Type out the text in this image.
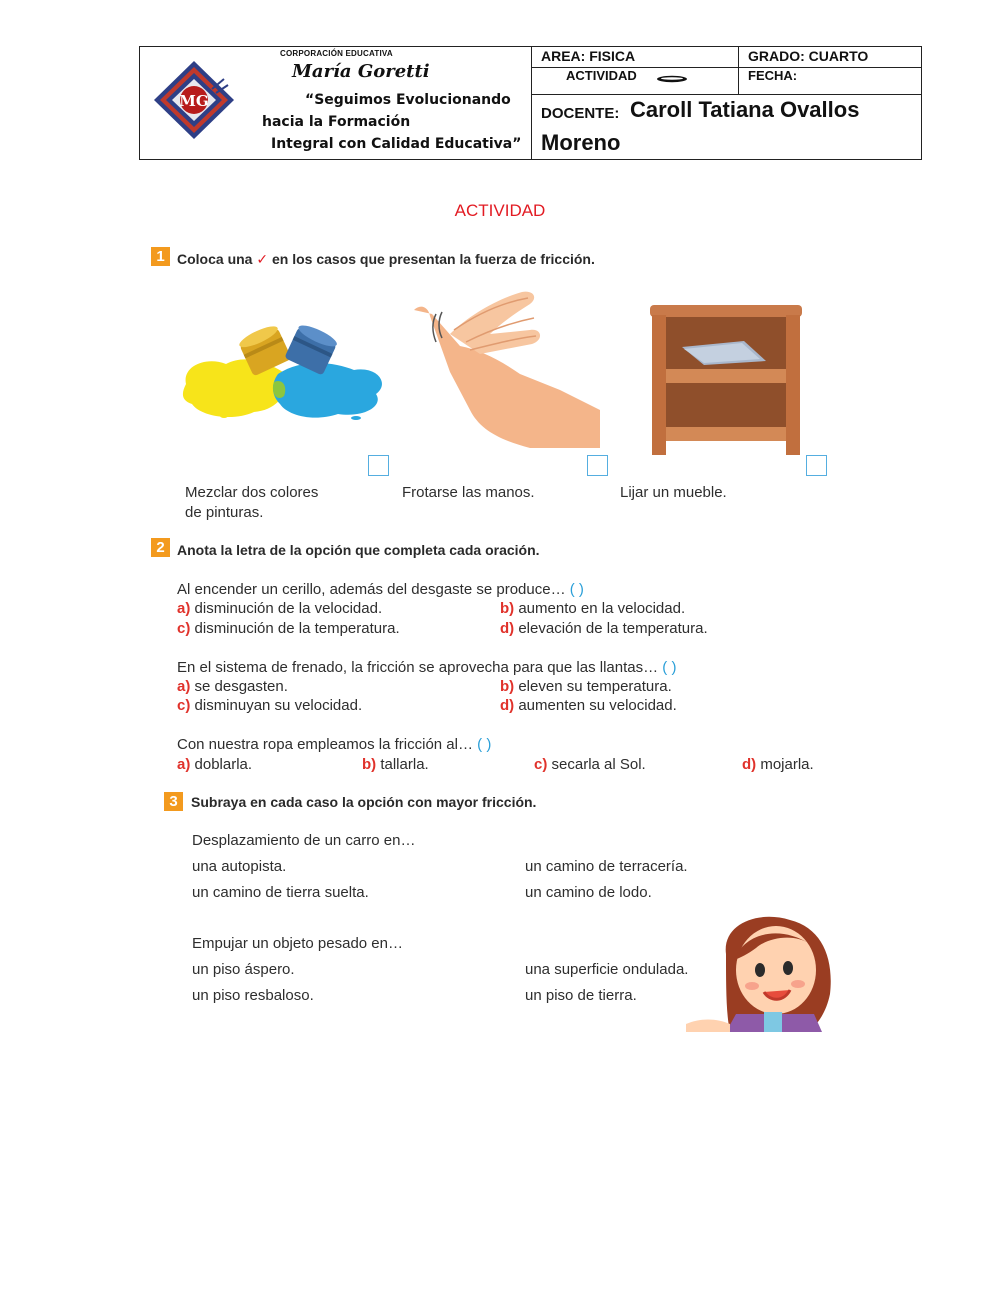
MG
CORPORACIÓN EDUCATIVA
María Goretti
“Seguimos Evolucionando
hacia la Formación
Integral con Calidad Educativa”
AREA: FISICA	GRADO: CUARTO
ACTIVIDAD	FECHA:
DOCENTE: Caroll Tatiana Ovallos
Moreno
ACTIVIDAD
1 Coloca una ✓ en los casos que presentan la fuerza de fricción.
Mezclar dos colores
de pinturas.
Frotarse las manos.	Lijar un mueble.
2 Anota la letra de la opción que completa cada oración.
Al encender un cerillo, además del desgaste se produce… ( )
a) disminución de la velocidad.	b) aumento en la velocidad.
c) disminución de la temperatura.	d) elevación de la temperatura.
En el sistema de frenado, la fricción se aprovecha para que las llantas… ( )
a) se desgasten.	b) eleven su temperatura.
c) disminuyan su velocidad.	d) aumenten su velocidad.
Con nuestra ropa empleamos la fricción al… ( )
a) doblarla.	b) tallarla.	c) secarla al Sol.	d) mojarla.
3 Subraya en cada caso la opción con mayor fricción.
Desplazamiento de un carro en…
una autopista.	un camino de terracería.
un camino de tierra suelta.	un camino de lodo.
Empujar un objeto pesado en…
un piso áspero.	una superficie ondulada.
un piso resbaloso.	un piso de tierra.
